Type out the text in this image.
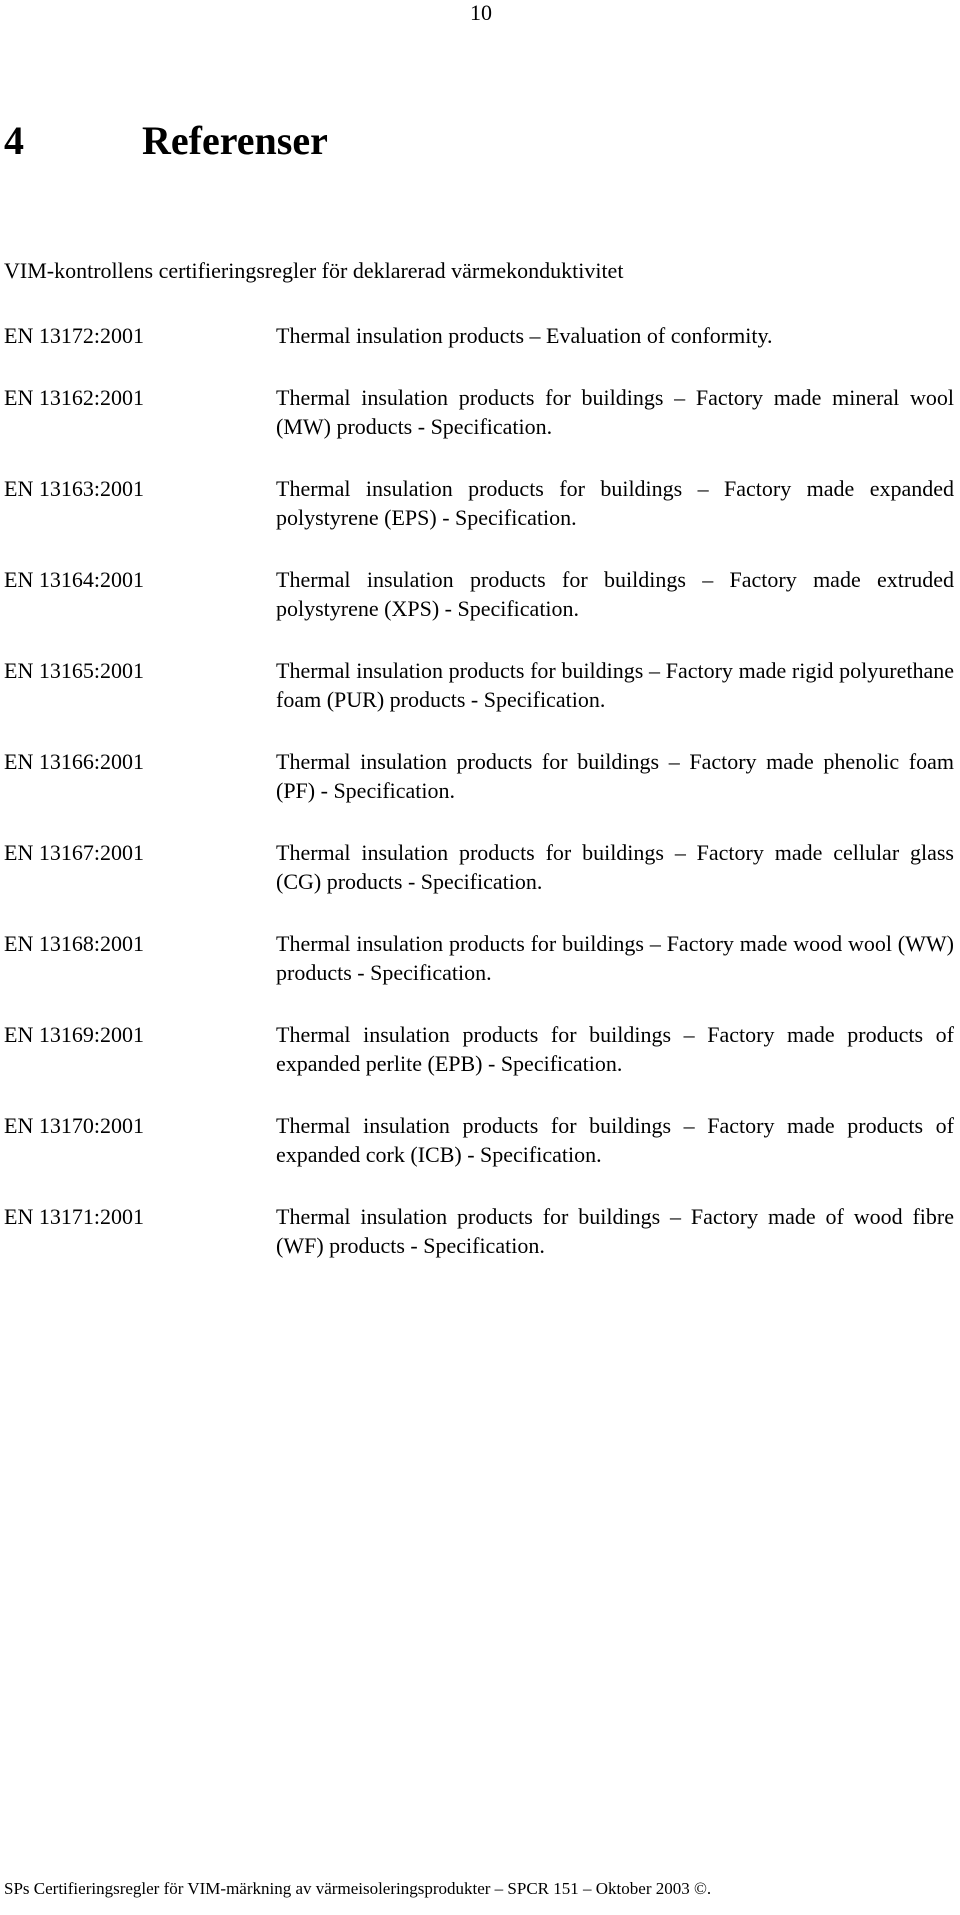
10
4	Referenser

VIM-kontrollens certifieringsregler för deklarerad värmekonduktivitet

EN 13172:2001	Thermal insulation products – Evaluation of conformity.
EN 13162:2001	Thermal insulation products for buildings – Factory made mineral wool (MW) products - Specification.
EN 13163:2001	Thermal insulation products for buildings – Factory made expanded polystyrene (EPS) - Specification.
EN 13164:2001	Thermal insulation products for buildings – Factory made extruded polystyrene (XPS) - Specification.
EN 13165:2001	Thermal insulation products for buildings – Factory made rigid polyurethane foam (PUR) products - Specification.
EN 13166:2001	Thermal insulation products for buildings – Factory made phenolic foam (PF) - Specification.
EN 13167:2001	Thermal insulation products for buildings – Factory made cellular glass (CG) products - Specification.
EN 13168:2001	Thermal insulation products for buildings – Factory made wood wool (WW) products - Specification.
EN 13169:2001	Thermal insulation products for buildings – Factory made products of expanded perlite (EPB) - Specification.
EN 13170:2001	Thermal insulation products for buildings – Factory made products of expanded cork (ICB) - Specification.
EN 13171:2001	Thermal insulation products for buildings – Factory made of wood fibre (WF) products - Specification.
SPs Certifieringsregler för VIM-märkning av värmeisoleringsprodukter – SPCR 151 – Oktober 2003 ©.
